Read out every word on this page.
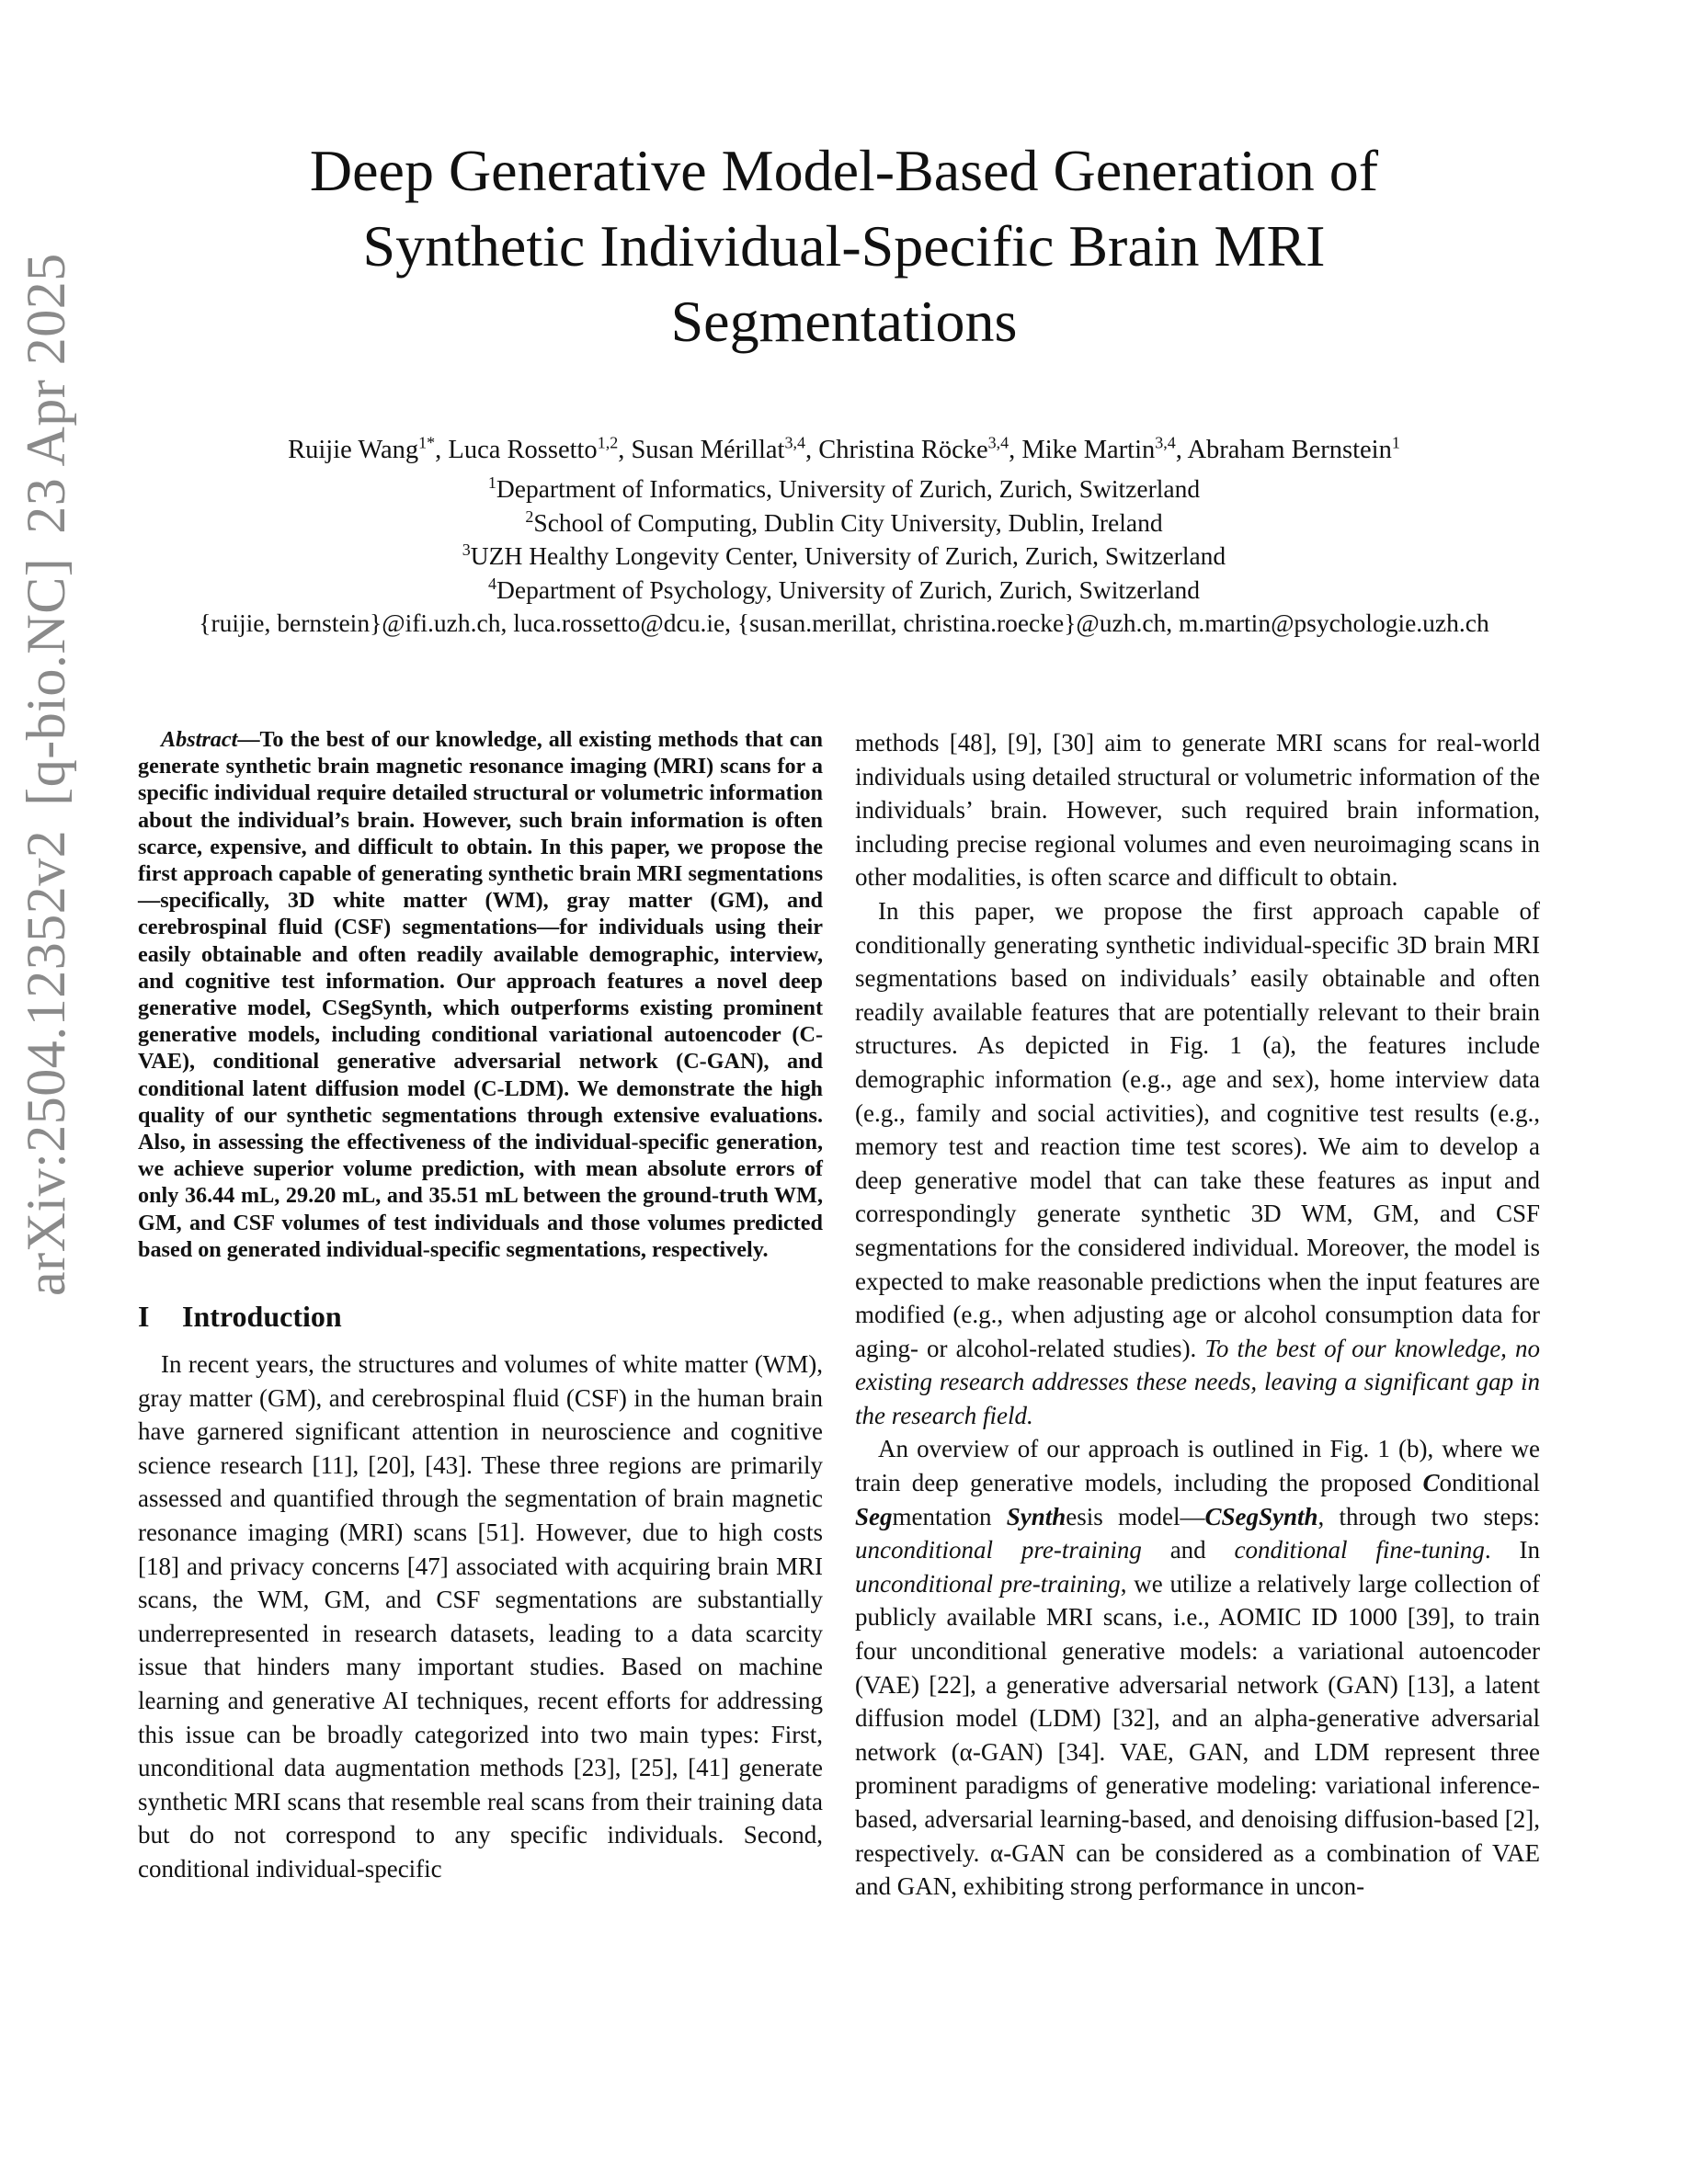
arXiv:2504.12352v2[q-bio.NC]23 Apr 2025
Deep Generative Model-Based Generation of
Synthetic Individual-Specific Brain MRI
Segmentations
Ruijie Wang$^{1*}$, Luca Rossetto$^{1,2}$, Susan Mérillat$^{3,4}$, Christina Röcke$^{3,4}$, Mike Martin$^{3,4}$, Abraham Bernstein$^1$
$^1$Department of Informatics, University of Zurich, Zurich, Switzerland
$^2$School of Computing, Dublin City University, Dublin, Ireland
$^3$UZH Healthy Longevity Center, University of Zurich, Zurich, Switzerland
$^4$Department of Psychology, University of Zurich, Zurich, Switzerland
{ruijie, bernstein}@ifi.uzh.ch, luca.rossetto@dcu.ie, {susan.merillat, christina.roecke}@uzh.ch, m.martin@psychologie.uzh.ch

Abstract—To the best of our knowledge, all existing methods that can generate synthetic brain magnetic resonance imaging (MRI) scans for a specific individual require detailed structural or volumetric information about the individual’s brain. However, such brain information is often scarce, expensive, and difficult to obtain. In this paper, we propose the first approach capable of generating synthetic brain MRI segmentations—specifically, 3D white matter (WM), gray matter (GM), and cerebrospinal fluid (CSF) segmentations—for individuals using their easily obtainable and often readily available demographic, interview, and cognitive test information. Our approach features a novel deep generative model, CSegSynth, which outperforms existing prominent generative models, including conditional variational autoencoder (C-VAE), conditional generative adversarial network (C-GAN), and conditional latent diffusion model (C-LDM). We demonstrate the high quality of our synthetic segmentations through extensive evaluations. Also, in assessing the effectiveness of the individual-specific generation, we achieve superior volume prediction, with mean absolute errors of only 36.44 mL, 29.20 mL, and 35.51 mL between the ground-truth WM, GM, and CSF volumes of test individuals and those volumes predicted based on generated individual-specific segmentations, respectively.

I Introduction

In recent years, the structures and volumes of white matter (WM), gray matter (GM), and cerebrospinal fluid (CSF) in the human brain have garnered significant attention in neuroscience and cognitive science research [11], [20], [43]. These three regions are primarily assessed and quantified through the segmentation of brain magnetic resonance imaging (MRI) scans [51]. However, due to high costs [18] and privacy concerns [47] associated with acquiring brain MRI scans, the WM, GM, and CSF segmentations are substantially underrepresented in research datasets, leading to a data scarcity issue that hinders many important studies. Based on machine learning and generative AI techniques, recent efforts for addressing this issue can be broadly categorized into two main types: First, unconditional data augmentation methods [23], [25], [41] generate synthetic MRI scans that resemble real scans from their training data but do not correspond to any specific individuals. Second, conditional individual-specific

methods [48], [9], [30] aim to generate MRI scans for real-world individuals using detailed structural or volumetric information of the individuals’ brain. However, such required brain information, including precise regional volumes and even neuroimaging scans in other modalities, is often scarce and difficult to obtain.

In this paper, we propose the first approach capable of conditionally generating synthetic individual-specific 3D brain MRI segmentations based on individuals’ easily obtainable and often readily available features that are potentially relevant to their brain structures. As depicted in Fig. 1 (a), the features include demographic information (e.g., age and sex), home interview data (e.g., family and social activities), and cognitive test results (e.g., memory test and reaction time test scores). We aim to develop a deep generative model that can take these features as input and correspondingly generate synthetic 3D WM, GM, and CSF segmentations for the considered individual. Moreover, the model is expected to make reasonable predictions when the input features are modified (e.g., when adjusting age or alcohol consumption data for aging- or alcohol-related studies). To the best of our knowledge, no existing research addresses these needs, leaving a significant gap in the research field.

An overview of our approach is outlined in Fig. 1 (b), where we train deep generative models, including the proposed Conditional Segmentation Synthesis model—CSegSynth, through two steps: unconditional pre-training and conditional fine-tuning. In unconditional pre-training, we utilize a relatively large collection of publicly available MRI scans, i.e., AOMIC ID 1000 [39], to train four unconditional generative models: a variational autoencoder (VAE) [22], a generative adversarial network (GAN) [13], a latent diffusion model (LDM) [32], and an alpha-generative adversarial network (α-GAN) [34]. VAE, GAN, and LDM represent three prominent paradigms of generative modeling: variational inference-based, adversarial learning-based, and denoising diffusion-based [2], respectively. α-GAN can be considered as a combination of VAE and GAN, exhibiting strong performance in uncon-
